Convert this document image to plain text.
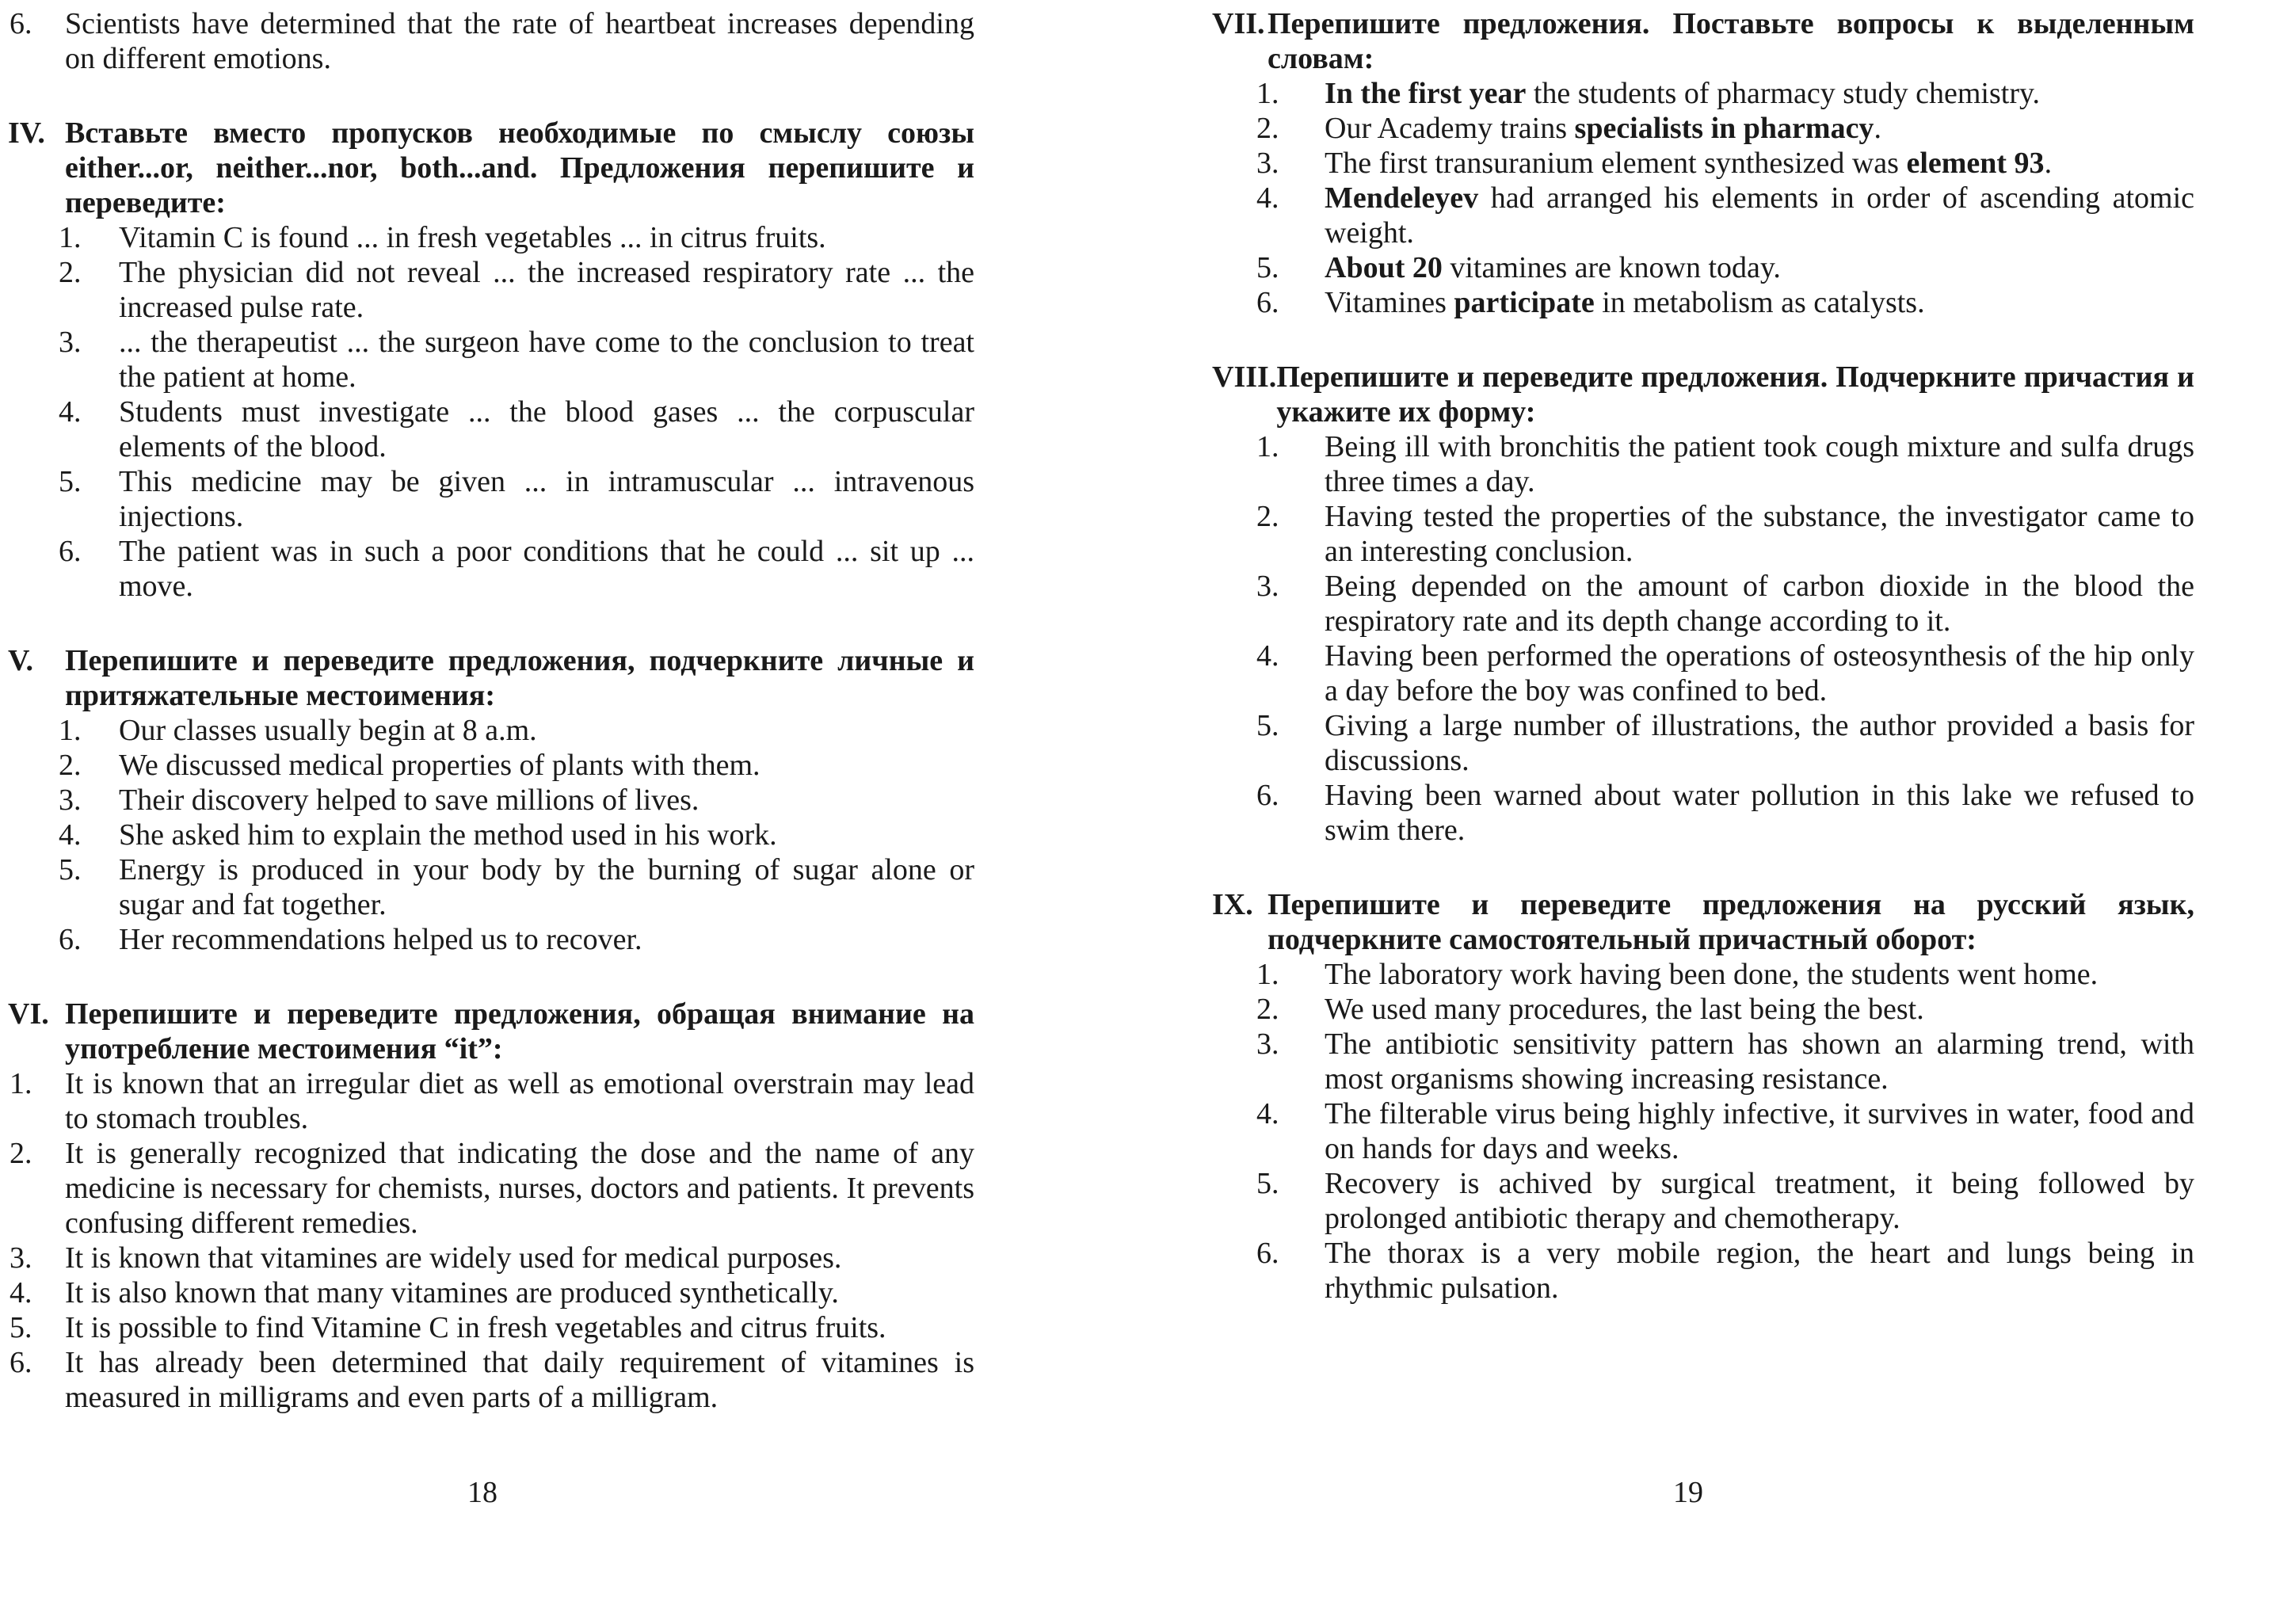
6.	Scientists have determined that the rate of heartbeat increases depending on different emotions.
IV. Вставьте вместо пропусков необходимые по смыслу союзы either...or, neither...nor, both...and. Предложения перепишите и переведите:
1.	Vitamin C is found ... in fresh vegetables ... in citrus fruits.
2.	The physician did not reveal ... the increased respiratory rate ... the increased pulse rate.
3.	... the therapeutist ... the surgeon have come to the conclusion to treat the patient at home.
4.	Students must investigate ... the blood gases ... the corpuscular elements of the blood.
5.	This medicine may be given ... in intramuscular ... intravenous injections.
6.	The patient was in such a poor conditions that he could ... sit up ... move.
V.	Перепишите и переведите предложения, подчеркните личные и притяжательные местоимения:
1.	Our classes usually begin at 8 a.m.
2.	We discussed medical properties of plants with them.
3.	Their discovery helped to save millions of lives.
4.	She asked him to explain the method used in his work.
5.	Energy is produced in your body by the burning of sugar alone or sugar and fat together.
6.	Her recommendations helped us to recover.
VI. Перепишите и переведите предложения, обращая внимание на употребление местоимения “it”:
1.	It is known that an irregular diet as well as emotional overstrain may lead to stomach troubles.
2.	It is generally recognized that indicating the dose and the name of any medicine is necessary for chemists, nurses, doctors and patients. It prevents confusing different remedies.
3.	It is known that vitamines are widely used for medical purposes.
4.	It is also known that many vitamines are produced synthetically.
5.	It is possible to find Vitamine C in fresh vegetables and citrus fruits.
6.	It has already been determined that daily requirement of vitamines is measured in milligrams and even parts of a milligram.
18
VII. Перепишите предложения. Поставьте вопросы к выделенным словам:
1.	In the first year the students of pharmacy study chemistry.
2.	Our Academy trains specialists in pharmacy.
3.	The first transuranium element synthesized was element 93.
4.	Mendeleyev had arranged his elements in order of ascending atomic weight.
5.	About 20 vitamines are known today.
6.	Vitamines participate in metabolism as catalysts.
VIII. Перепишите и переведите предложения. Подчеркните причастия и укажите их форму:
1.	Being ill with bronchitis the patient took cough mixture and sulfa drugs three times a day.
2.	Having tested the properties of the substance, the investigator came to an interesting conclusion.
3.	Being depended on the amount of carbon dioxide in the blood the respiratory rate and its depth change according to it.
4.	Having been performed the operations of osteosynthesis of the hip only a day before the boy was confined to bed.
5.	Giving a large number of illustrations, the author provided a basis for discussions.
6.	Having been warned about water pollution in this lake we refused to swim there.
IX. Перепишите и переведите предложения на русский язык, подчеркните самостоятельный причастный оборот:
1.	The laboratory work having been done, the students went home.
2.	We used many procedures, the last being the best.
3.	The antibiotic sensitivity pattern has shown an alarming trend, with most organisms showing increasing resistance.
4.	The filterable virus being highly infective, it survives in water, food and on hands for days and weeks.
5.	Recovery is achived by surgical treatment, it being followed by prolonged antibiotic therapy and chemotherapy.
6.	The thorax is a very mobile region, the heart and lungs being in rhythmic pulsation.
19
